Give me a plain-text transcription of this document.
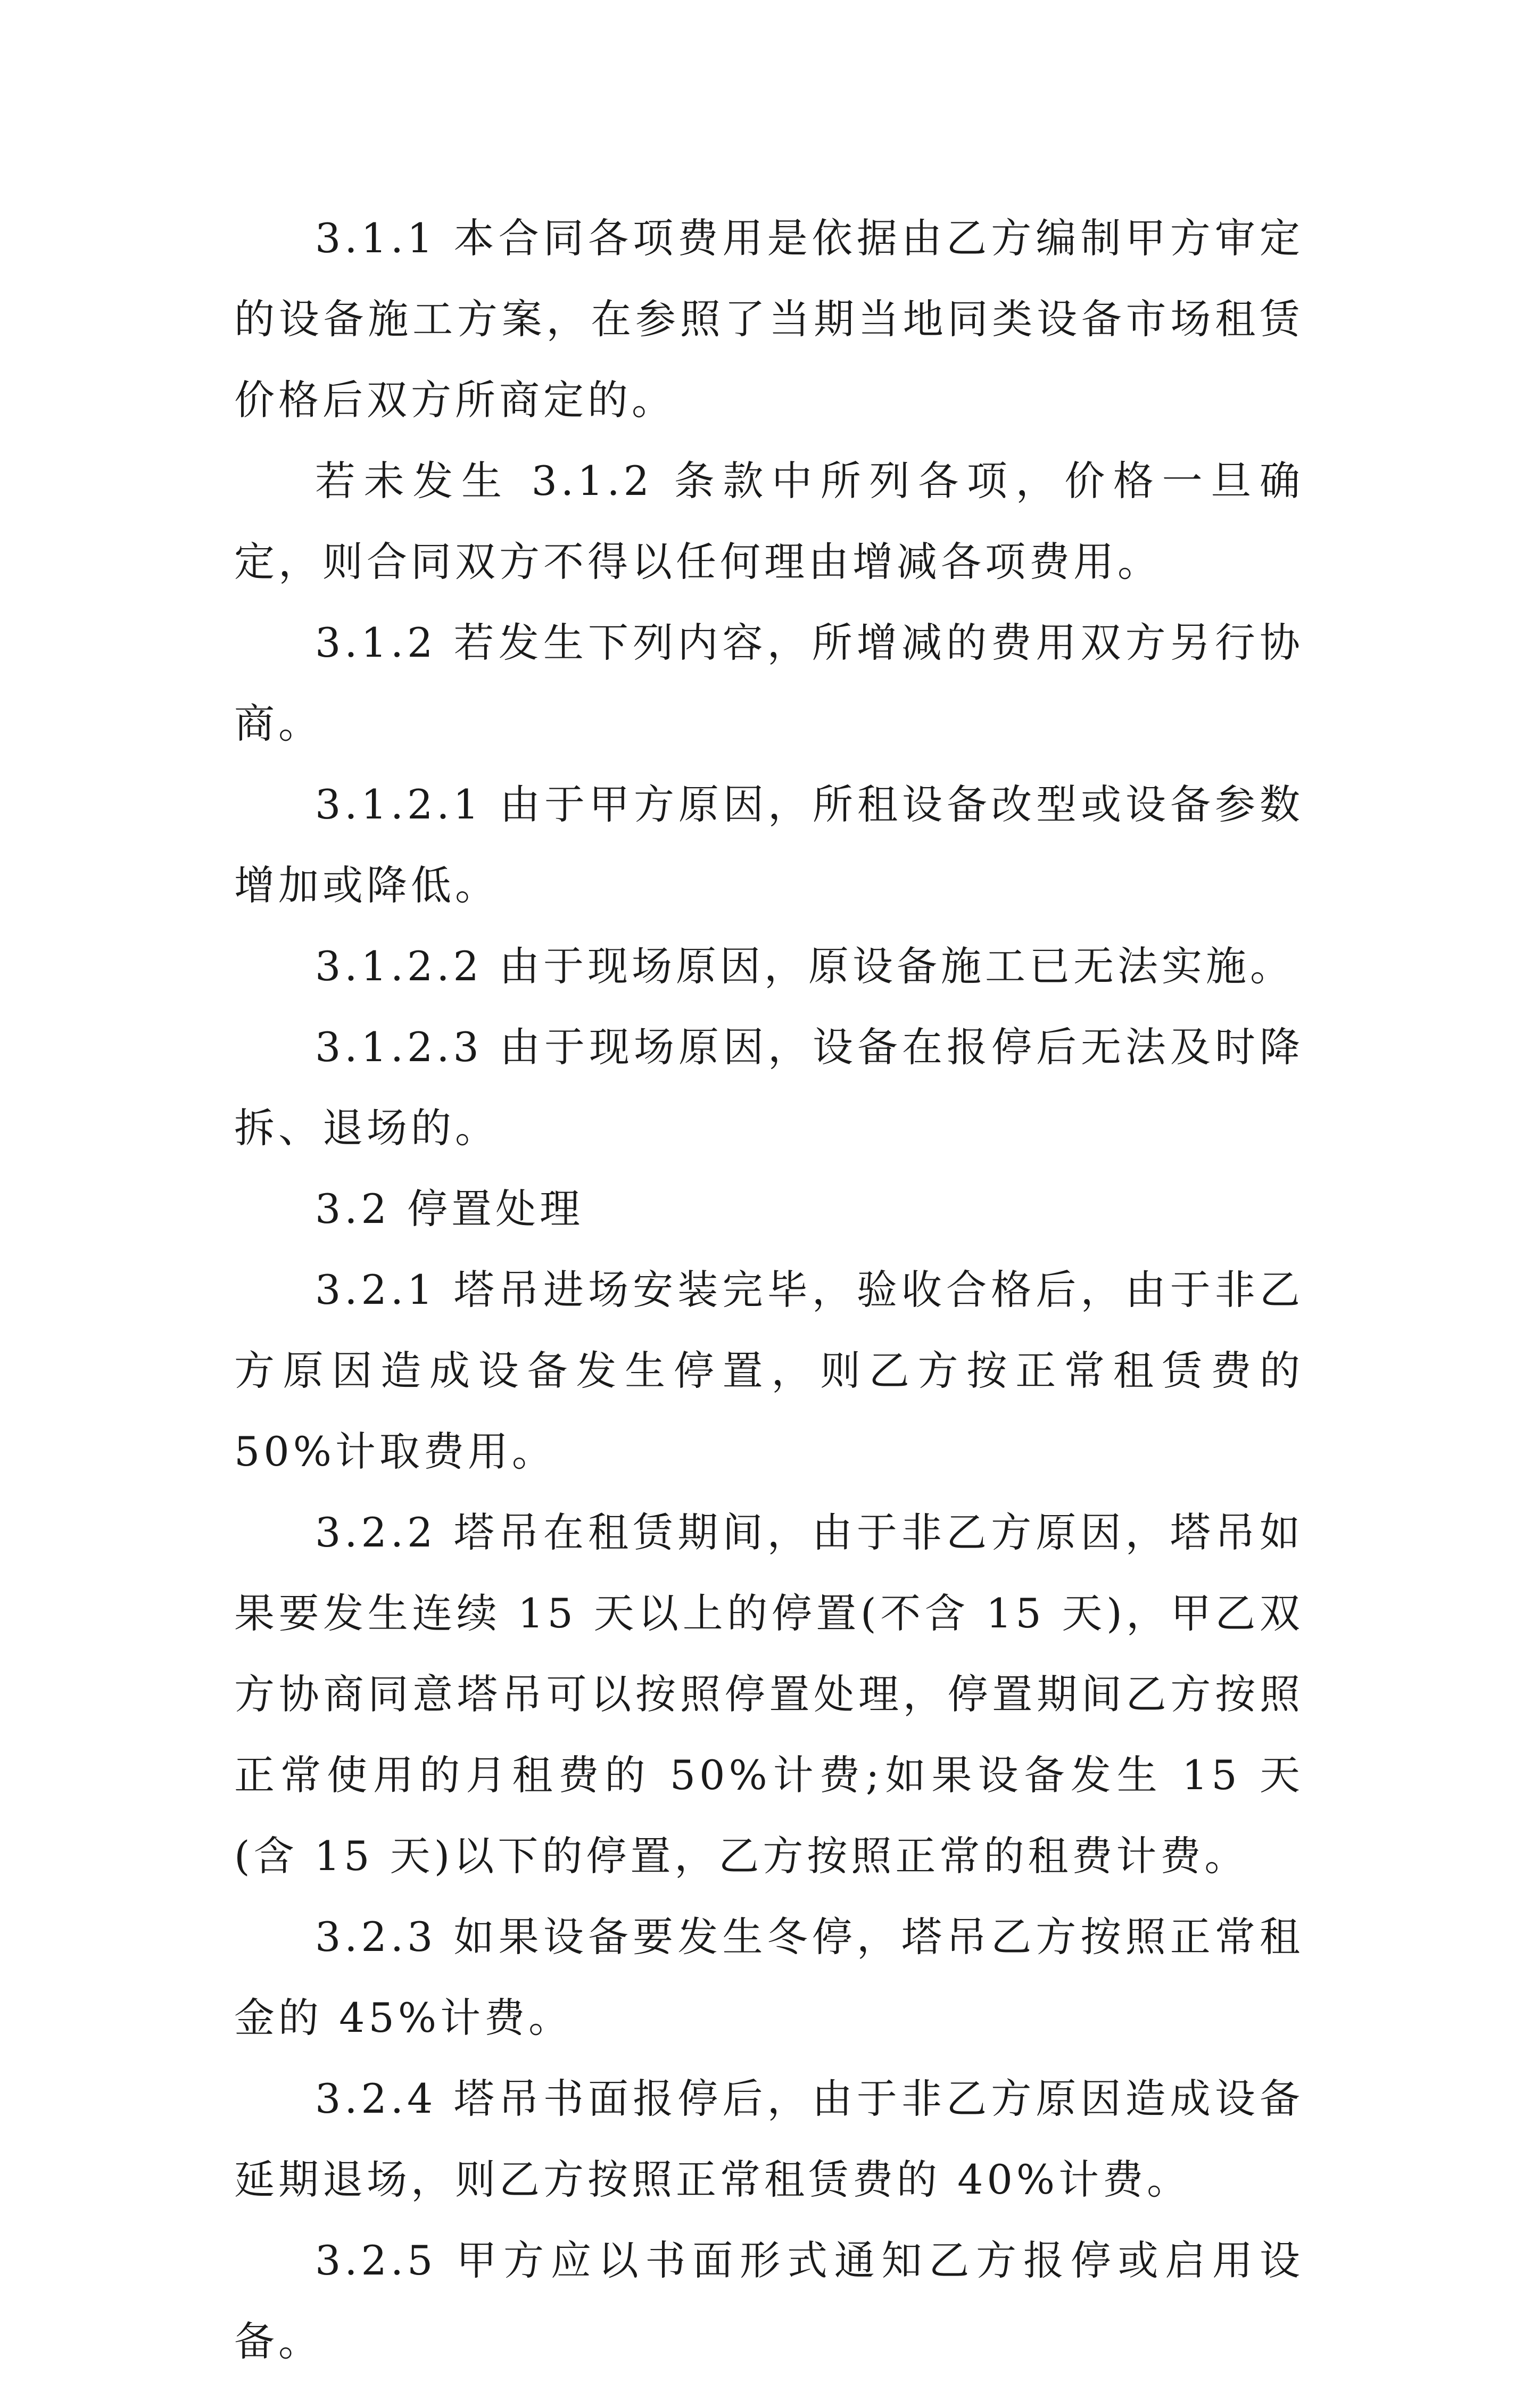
3.1.1 本合同各项费用是依据由乙方编制甲方审定的设备施工方案，在参照了当期当地同类设备市场租赁价格后双方所商定的。

若未发生 3.1.2 条款中所列各项，价格一旦确定，则合同双方不得以任何理由增减各项费用。

3.1.2 若发生下列内容，所增减的费用双方另行协商。

3.1.2.1 由于甲方原因，所租设备改型或设备参数增加或降低。

3.1.2.2 由于现场原因，原设备施工已无法实施。

3.1.2.3 由于现场原因，设备在报停后无法及时降拆、退场的。

3.2 停置处理

3.2.1 塔吊进场安装完毕，验收合格后，由于非乙方原因造成设备发生停置，则乙方按正常租赁费的 50%计取费用。

3.2.2 塔吊在租赁期间，由于非乙方原因，塔吊如果要发生连续 15 天以上的停置(不含 15 天)，甲乙双方协商同意塔吊可以按照停置处理，停置期间乙方按照正常使用的月租费的 50%计费;如果设备发生 15 天(含 15 天)以下的停置，乙方按照正常的租费计费。

3.2.3 如果设备要发生冬停，塔吊乙方按照正常租金的 45%计费。

3.2.4 塔吊书面报停后，由于非乙方原因造成设备延期退场，则乙方按照正常租赁费的 40%计费。

3.2.5 甲方应以书面形式通知乙方报停或启用设备。
